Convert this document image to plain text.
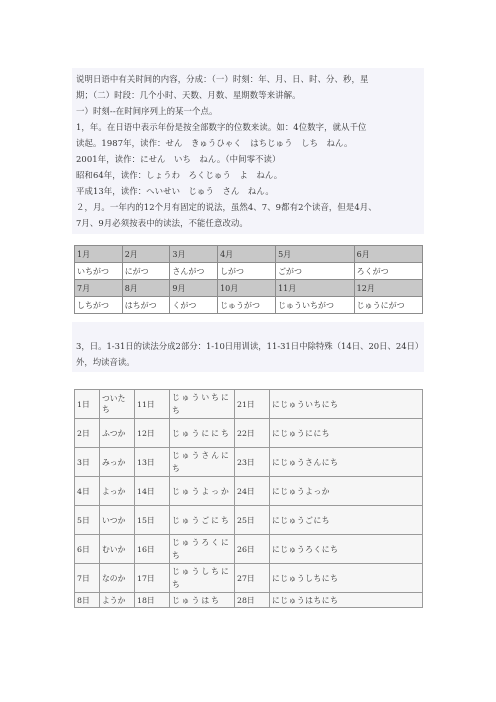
说明日语中有关时间的内容，分成：（一）时刻：年、月、日、时、分、秒，星

期；（二）时段：几个小时、天数、月数、星期数等来讲解。

一）时刻--在时间序列上的某一个点。

1，年。在日语中表示年份是按全部数字的位数来读。如：4位数字，就从千位

读起。1987年，读作：せん　きゅうひゃく　はちじゅう　しち　ねん。

2001年，读作：にせん　いち　ねん。（中间零不读）

昭和64年，读作：しょうわ　ろくじゅう　よ　ねん。

平成13年，读作：へいせい　じゅう　さん　ねん。

２，月。一年内的12个月有固定的说法，虽然4、7、9都有2个读音，但是4月、

7月、9月必须按表中的读法，不能任意改动。

1月	2月	3月	4月	5月	6月
いちがつ	にがつ	さんがつ	しがつ	ごがつ	ろくがつ
7月	8月	9月	10月	11月	12月
しちがつ	はちがつ	くがつ	じゅうがつ	じゅういちがつ	じゅうにがつ

3，日。1-31日的读法分成2部分：1-10日用训读，11-31日中除特殊（14日、20日、24日）外，均读音读。

1日	ついたち	11日	じゅういちにち	21日	にじゅういちにち
2日	ふつか	12日	じゅうににち	22日	にじゅうににち
3日	みっか	13日	じゅうさんにち	23日	にじゅうさんにち
4日	よっか	14日	じゅうよっか	24日	にじゅうよっか
5日	いつか	15日	じゅうごにち	25日	にじゅうごにち
6日	むいか	16日	じゅうろくにち	26日	にじゅうろくにち
7日	なのか	17日	じゅうしちにち	27日	にじゅうしちにち
8日	ようか	18日	じゅうはち	28日	にじゅうはちにち
